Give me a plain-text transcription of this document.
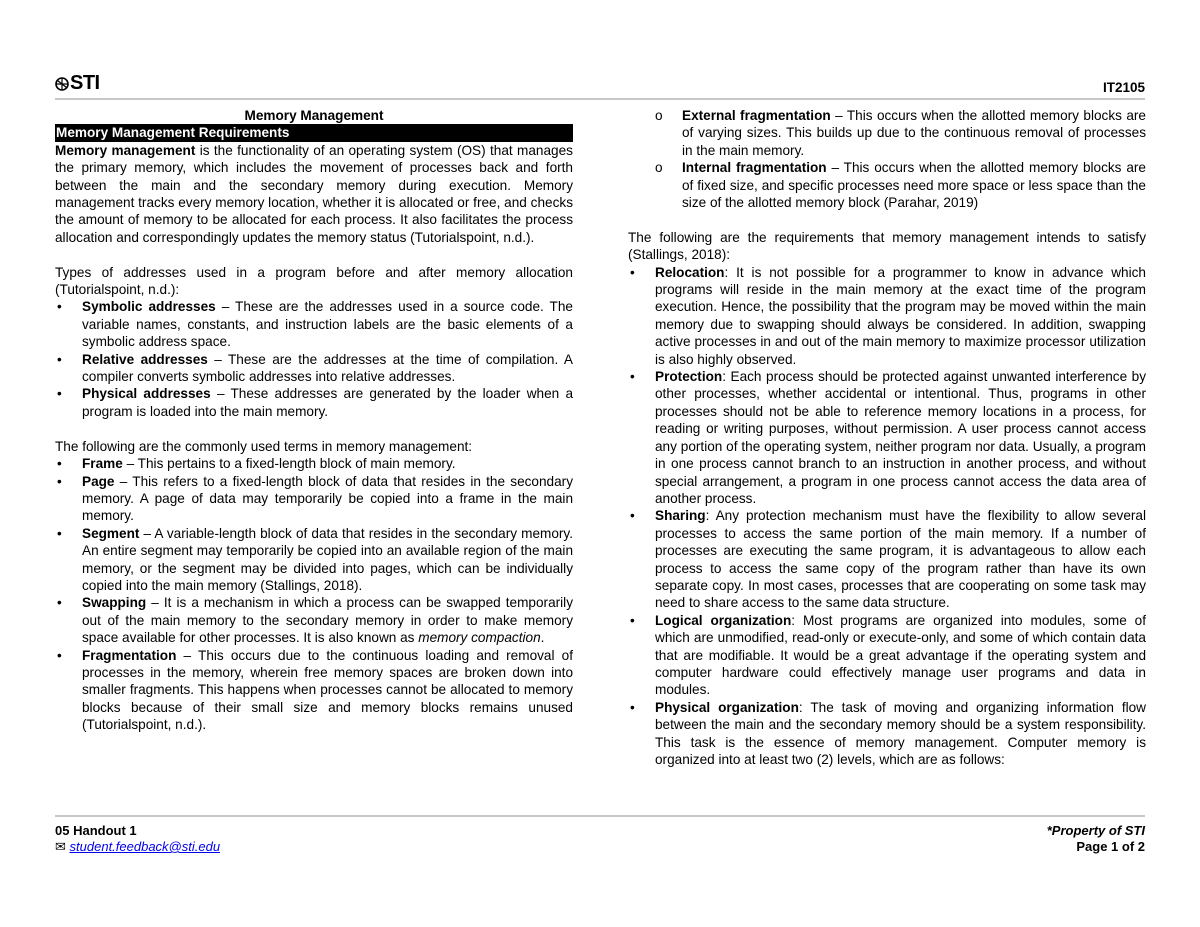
STI	IT2105

Memory Management

Memory Management Requirements

Memory management is the functionality of an operating system (OS) that manages the primary memory, which includes the movement of processes back and forth between the main and the secondary memory during execution. Memory management tracks every memory location, whether it is allocated or free, and checks the amount of memory to be allocated for each process. It also facilitates the process allocation and correspondingly updates the memory status (Tutorialspoint, n.d.).

Types of addresses used in a program before and after memory allocation (Tutorialspoint, n.d.):

• Symbolic addresses – These are the addresses used in a source code. The variable names, constants, and instruction labels are the basic elements of a symbolic address space.
• Relative addresses – These are the addresses at the time of compilation. A compiler converts symbolic addresses into relative addresses.
• Physical addresses – These addresses are generated by the loader when a program is loaded into the main memory.

The following are the commonly used terms in memory management:

• Frame – This pertains to a fixed-length block of main memory.
• Page – This refers to a fixed-length block of data that resides in the secondary memory. A page of data may temporarily be copied into a frame in the main memory.
• Segment – A variable-length block of data that resides in the secondary memory. An entire segment may temporarily be copied into an available region of the main memory, or the segment may be divided into pages, which can be individually copied into the main memory (Stallings, 2018).
• Swapping – It is a mechanism in which a process can be swapped temporarily out of the main memory to the secondary memory in order to make memory space available for other processes. It is also known as memory compaction.
• Fragmentation – This occurs due to the continuous loading and removal of processes in the memory, wherein free memory spaces are broken down into smaller fragments. This happens when processes cannot be allocated to memory blocks because of their small size and memory blocks remains unused (Tutorialspoint, n.d.).
o External fragmentation – This occurs when the allotted memory blocks are of varying sizes. This builds up due to the continuous removal of processes in the main memory.
o Internal fragmentation – This occurs when the allotted memory blocks are of fixed size, and specific processes need more space or less space than the size of the allotted memory block (Parahar, 2019)

The following are the requirements that memory management intends to satisfy (Stallings, 2018):

• Relocation: It is not possible for a programmer to know in advance which programs will reside in the main memory at the exact time of the program execution. Hence, the possibility that the program may be moved within the main memory due to swapping should always be considered. In addition, swapping active processes in and out of the main memory to maximize processor utilization is also highly observed.
• Protection: Each process should be protected against unwanted interference by other processes, whether accidental or intentional. Thus, programs in other processes should not be able to reference memory locations in a process, for reading or writing purposes, without permission. A user process cannot access any portion of the operating system, neither program nor data. Usually, a program in one process cannot branch to an instruction in another process, and without special arrangement, a program in one process cannot access the data area of another process.
• Sharing: Any protection mechanism must have the flexibility to allow several processes to access the same portion of the main memory. If a number of processes are executing the same program, it is advantageous to allow each process to access the same copy of the program rather than have its own separate copy. In most cases, processes that are cooperating on some task may need to share access to the same data structure.
• Logical organization: Most programs are organized into modules, some of which are unmodified, read-only or execute-only, and some of which contain data that are modifiable. It would be a great advantage if the operating system and computer hardware could effectively manage user programs and data in modules.
• Physical organization: The task of moving and organizing information flow between the main and the secondary memory should be a system responsibility. This task is the essence of memory management. Computer memory is organized into at least two (2) levels, which are as follows:
05 Handout 1
✉ student.feedback@sti.edu
*Property of STI
Page 1 of 2
